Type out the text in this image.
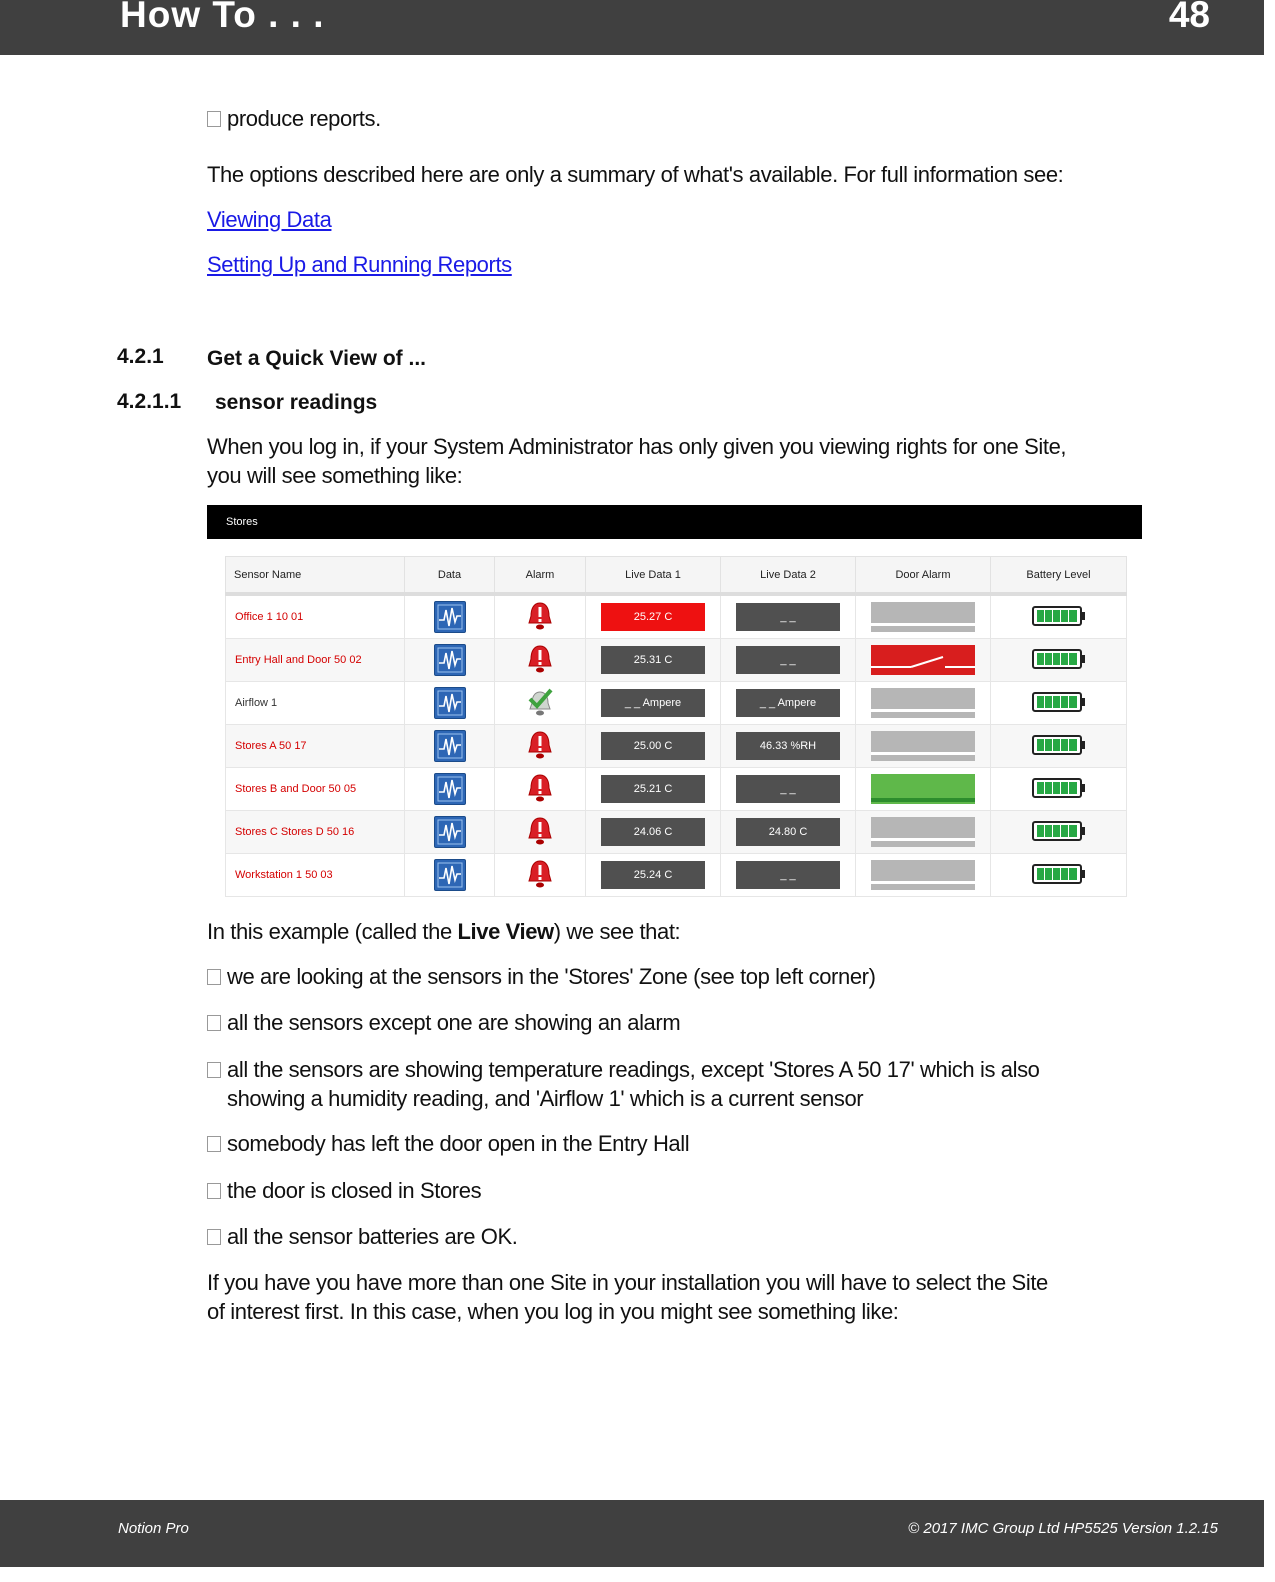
How To . . .	48
produce reports.
The options described here are only a summary of what's available. For full information see:
Viewing Data
Setting Up and Running Reports
4.2.1 Get a Quick View of ...
4.2.1.1 sensor readings
When you log in, if your System Administrator has only given you viewing rights for one Site,
you will see something like:
Stores
Sensor Name	Data	Alarm	Live Data 1	Live Data 2	Door Alarm	Battery Level
Office 1 10 01			25.27 C	_ _	

Entry Hall and Door 50 02			25.31 C	_ _	

Airflow 1			_ _ Ampere	_ _ Ampere	

Stores A 50 17			25.00 C	46.33 %RH	

Stores B and Door 50 05			25.21 C	_ _	

Stores C Stores D 50 16			24.06 C	24.80 C	

Workstation 1 50 03			25.24 C	_ _	

In this example (called the Live View) we see that:
we are looking at the sensors in the 'Stores' Zone (see top left corner)
all the sensors except one are showing an alarm
all the sensors are showing temperature readings, except 'Stores A 50 17' which is also
showing a humidity reading, and 'Airflow 1' which is a current sensor
somebody has left the door open in the Entry Hall
the door is closed in Stores
all the sensor batteries are OK.
If you have you have more than one Site in your installation you will have to select the Site
of interest first. In this case, when you log in you might see something like:
Notion Pro	© 2017 IMC Group Ltd HP5525 Version 1.2.15
